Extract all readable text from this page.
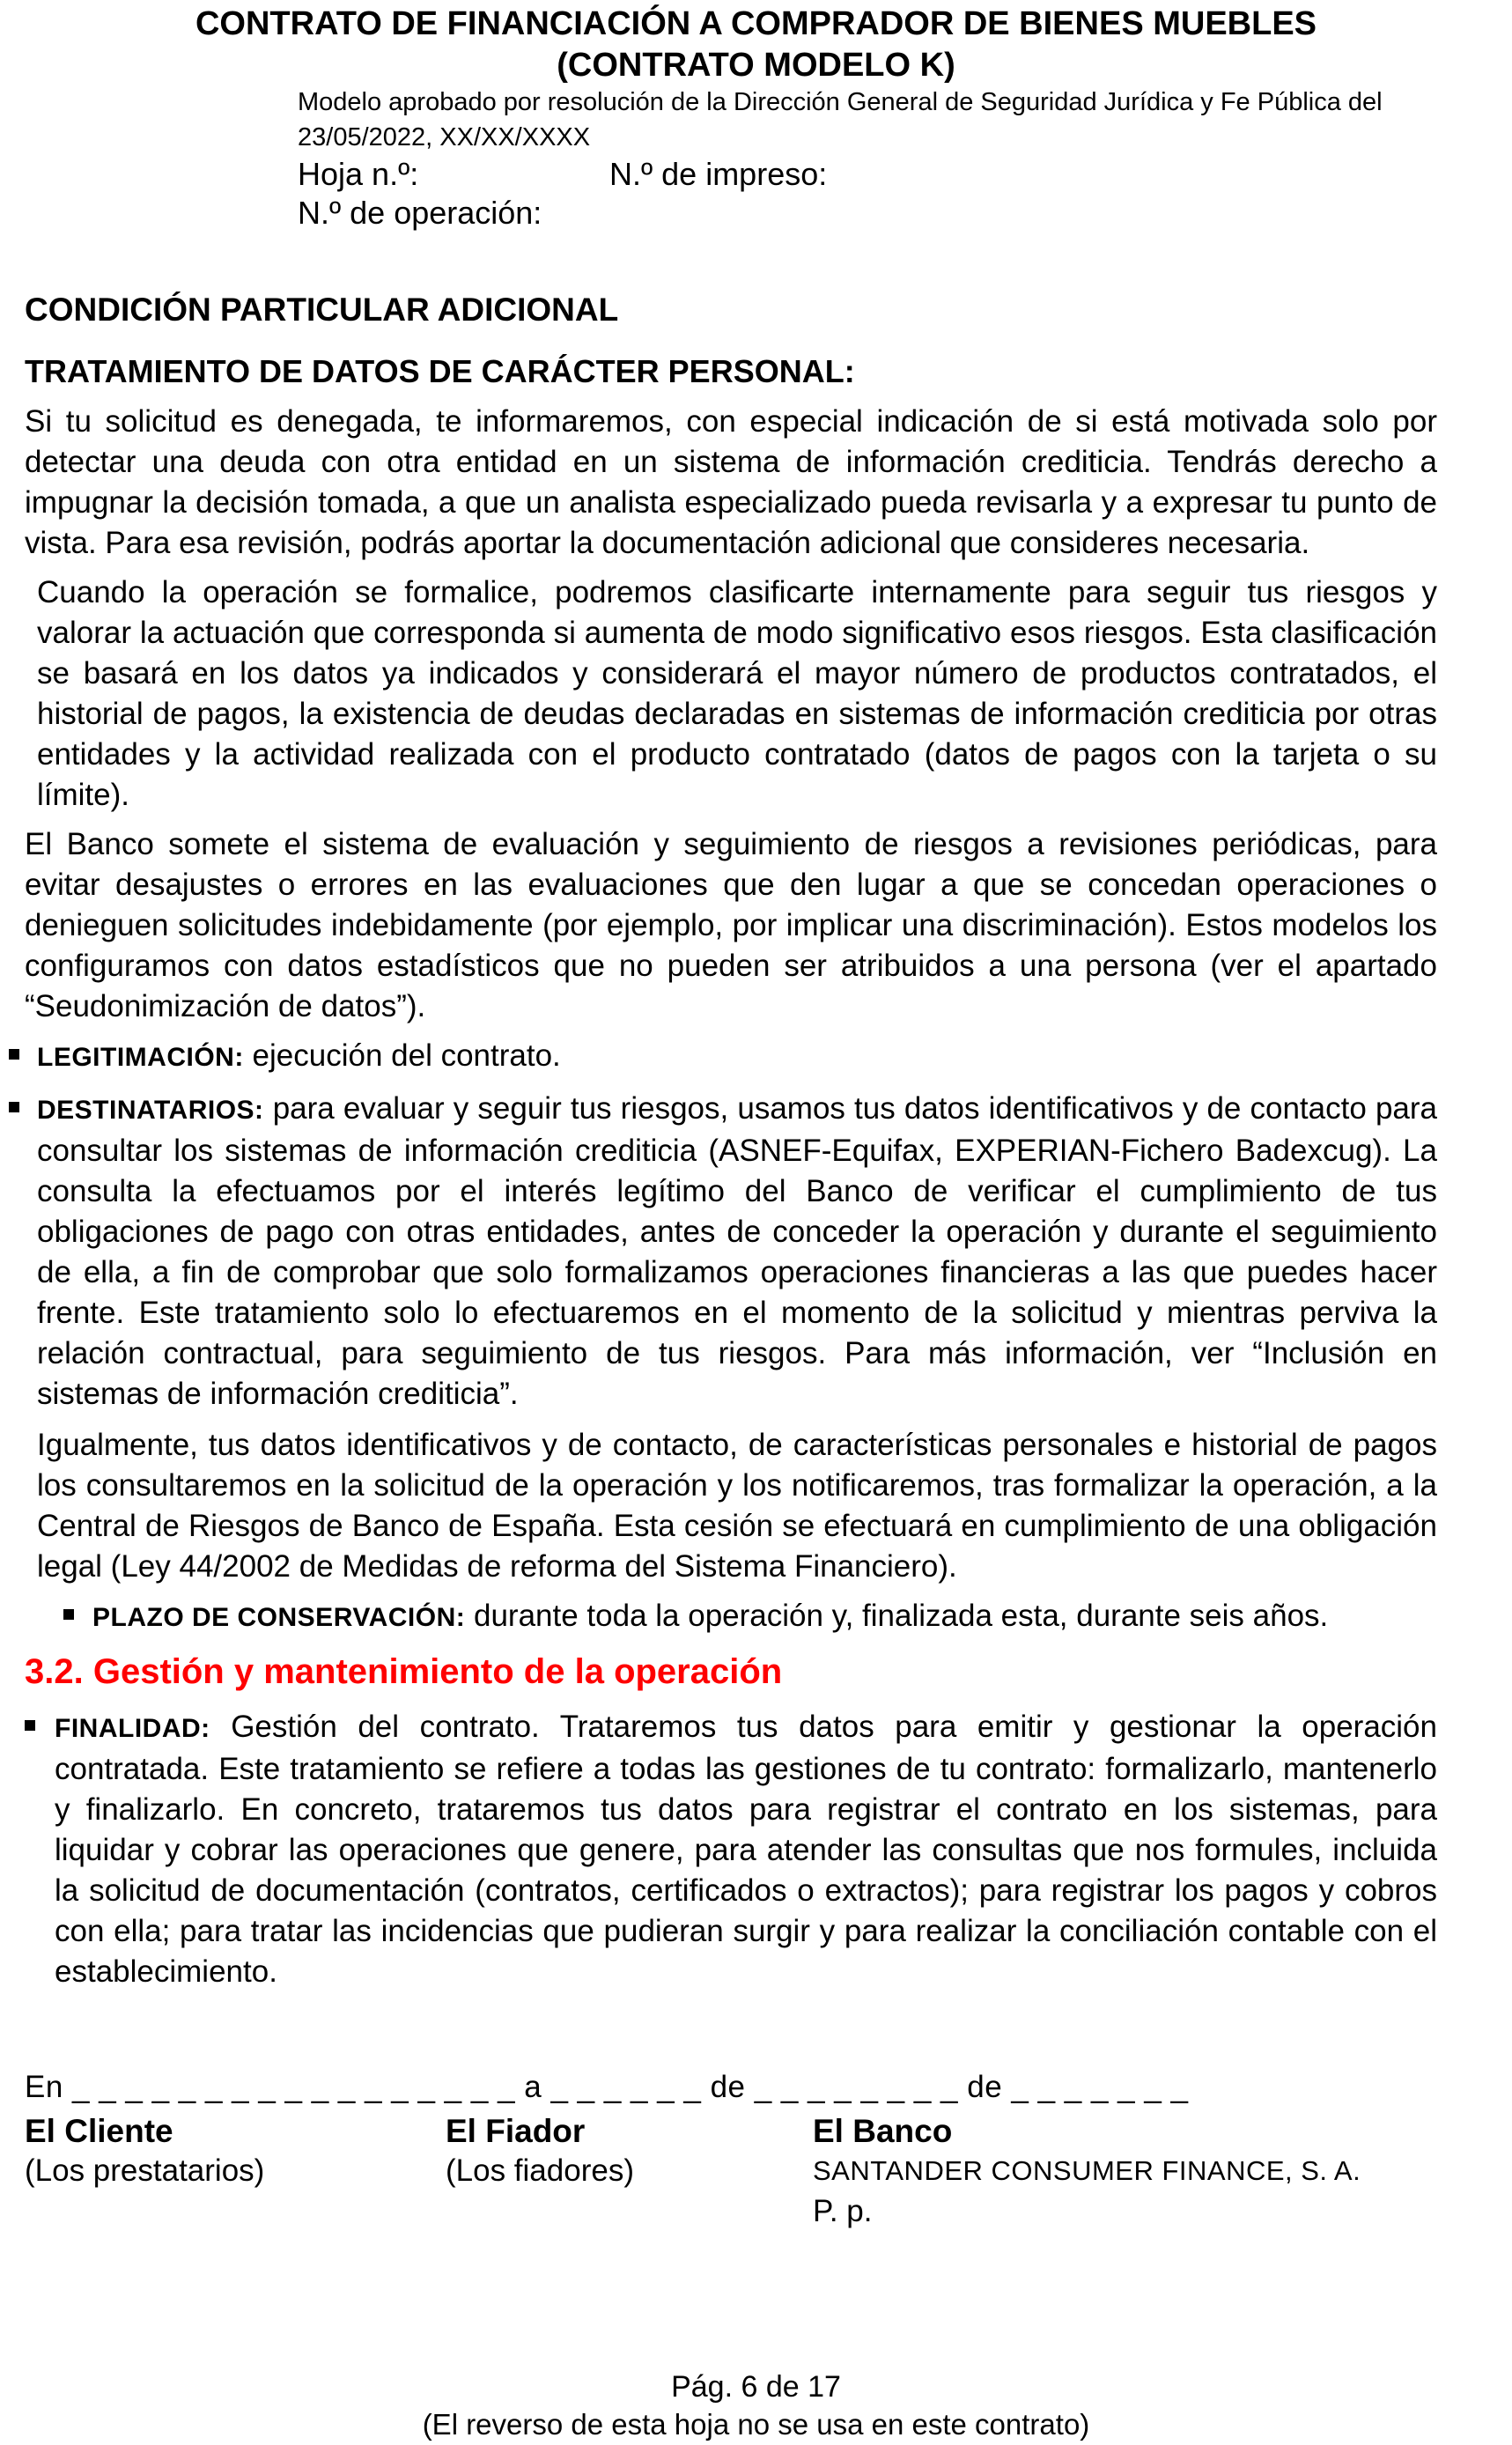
CONTRATO DE FINANCIACIÓN A COMPRADOR DE BIENES MUEBLES
(CONTRATO MODELO K)
Modelo aprobado por resolución de la Dirección General de Seguridad Jurídica y Fe Pública del
23/05/2022, XX/XX/XXXX
Hoja n.º:	N.º de impreso:
N.º de operación:
CONDICIÓN PARTICULAR ADICIONAL
TRATAMIENTO DE DATOS DE CARÁCTER PERSONAL:

Si tu solicitud es denegada, te informaremos, con especial indicación de si está motivada solo por detectar una deuda con otra entidad en un sistema de información crediticia. Tendrás derecho a impugnar la decisión tomada, a que un analista especializado pueda revisarla y a expresar tu punto de vista. Para esa revisión, podrás aportar la documentación adicional que consideres necesaria.

Cuando la operación se formalice, podremos clasificarte internamente para seguir tus riesgos y valorar la actuación que corresponda si aumenta de modo significativo esos riesgos. Esta clasificación se basará en los datos ya indicados y considerará el mayor número de productos contratados, el historial de pagos, la existencia de deudas declaradas en sistemas de información crediticia por otras entidades y la actividad realizada con el producto contratado (datos de pagos con la tarjeta o su límite).

El Banco somete el sistema de evaluación y seguimiento de riesgos a revisiones periódicas, para evitar desajustes o errores en las evaluaciones que den lugar a que se concedan operaciones o denieguen solicitudes indebidamente (por ejemplo, por implicar una discriminación). Estos modelos los configuramos con datos estadísticos que no pueden ser atribuidos a una persona (ver el apartado “Seudonimización de datos”).

LEGITIMACIÓN: ejecución del contrato.
DESTINATARIOS: para evaluar y seguir tus riesgos, usamos tus datos identificativos y de contacto para consultar los sistemas de información crediticia (ASNEF-Equifax, EXPERIAN-Fichero Badexcug). La consulta la efectuamos por el interés legítimo del Banco de verificar el cumplimiento de tus obligaciones de pago con otras entidades, antes de conceder la operación y durante el seguimiento de ella, a fin de comprobar que solo formalizamos operaciones financieras a las que puedes hacer frente. Este tratamiento solo lo efectuaremos en el momento de la solicitud y mientras perviva la relación contractual, para seguimiento de tus riesgos. Para más información, ver “Inclusión en sistemas de información crediticia”.

Igualmente, tus datos identificativos y de contacto, de características personales e historial de pagos los consultaremos en la solicitud de la operación y los notificaremos, tras formalizar la operación, a la Central de Riesgos de Banco de España. Esta cesión se efectuará en cumplimiento de una obligación legal (Ley 44/2002 de Medidas de reforma del Sistema Financiero).

PLAZO DE CONSERVACIÓN: durante toda la operación y, finalizada esta, durante seis años.
3.2. Gestión y mantenimiento de la operación
FINALIDAD: Gestión del contrato. Trataremos tus datos para emitir y gestionar la operación contratada. Este tratamiento se refiere a todas las gestiones de tu contrato: formalizarlo, mantenerlo y finalizarlo. En concreto, trataremos tus datos para registrar el contrato en los sistemas, para liquidar y cobrar las operaciones que genere, para atender las consultas que nos formules, incluida la solicitud de documentación (contratos, certificados o extractos); para registrar los pagos y cobros con ella; para tratar las incidencias que pudieran surgir y para realizar la conciliación contable con el establecimiento.
En _ _ _ _ _ _ _ _ _ _ _ _ _ _ _ _ _ a _ _ _ _ _ _ de _ _ _ _ _ _ _ _ de _ _ _ _ _ _ _
El Cliente
(Los prestatarios)
El Fiador
(Los fiadores)
El Banco
SANTANDER CONSUMER FINANCE, S. A.
P. p.
Pág. 6 de 17
(El reverso de esta hoja no se usa en este contrato)
